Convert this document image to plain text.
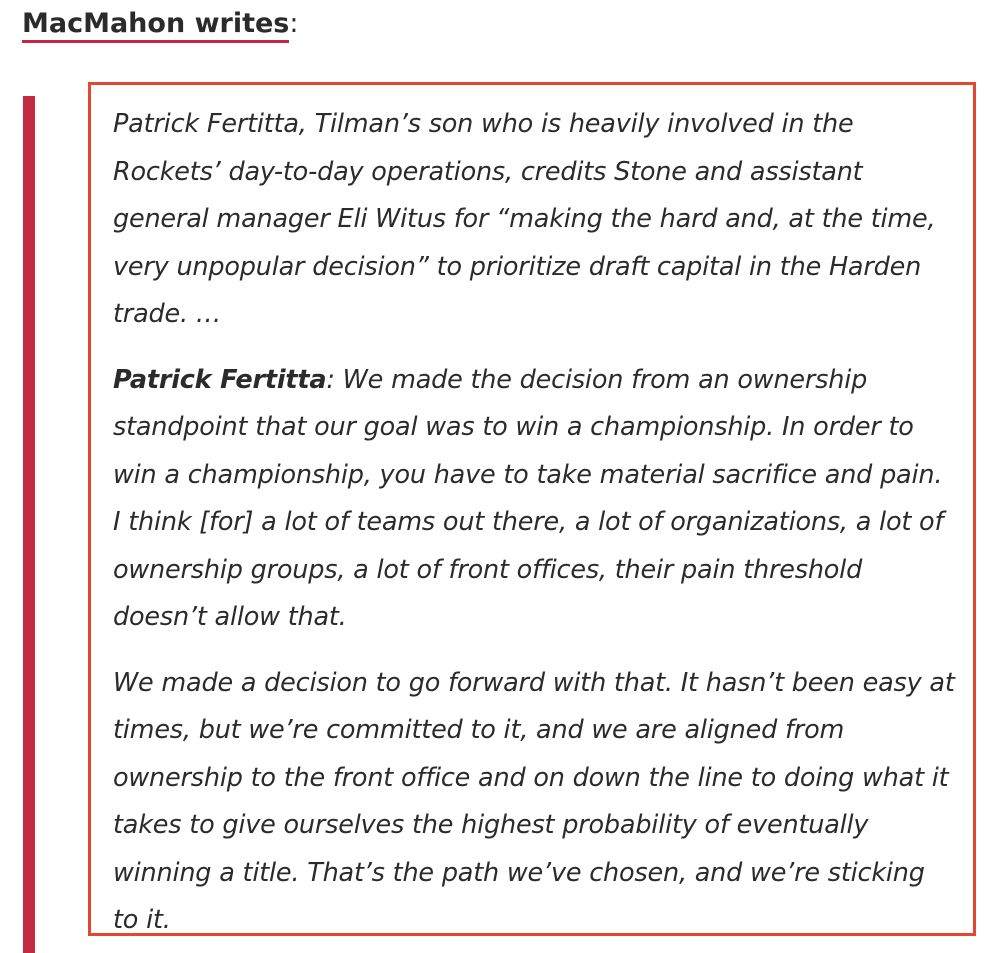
MacMahon writes:

Patrick Fertitta, Tilman’s son who is heavily involved in the Rockets’ day-to-day operations, credits Stone and assistant general manager Eli Witus for “making the hard and, at the time, very unpopular decision” to prioritize draft capital in the Harden trade. …

Patrick Fertitta: We made the decision from an ownership standpoint that our goal was to win a championship. In order to win a championship, you have to take material sacrifice and pain. I think [for] a lot of teams out there, a lot of organizations, a lot of ownership groups, a lot of front offices, their pain threshold doesn’t allow that.

We made a decision to go forward with that. It hasn’t been easy at times, but we’re committed to it, and we are aligned from ownership to the front office and on down the line to doing what it takes to give ourselves the highest probability of eventually winning a title. That’s the path we’ve chosen, and we’re sticking to it.
